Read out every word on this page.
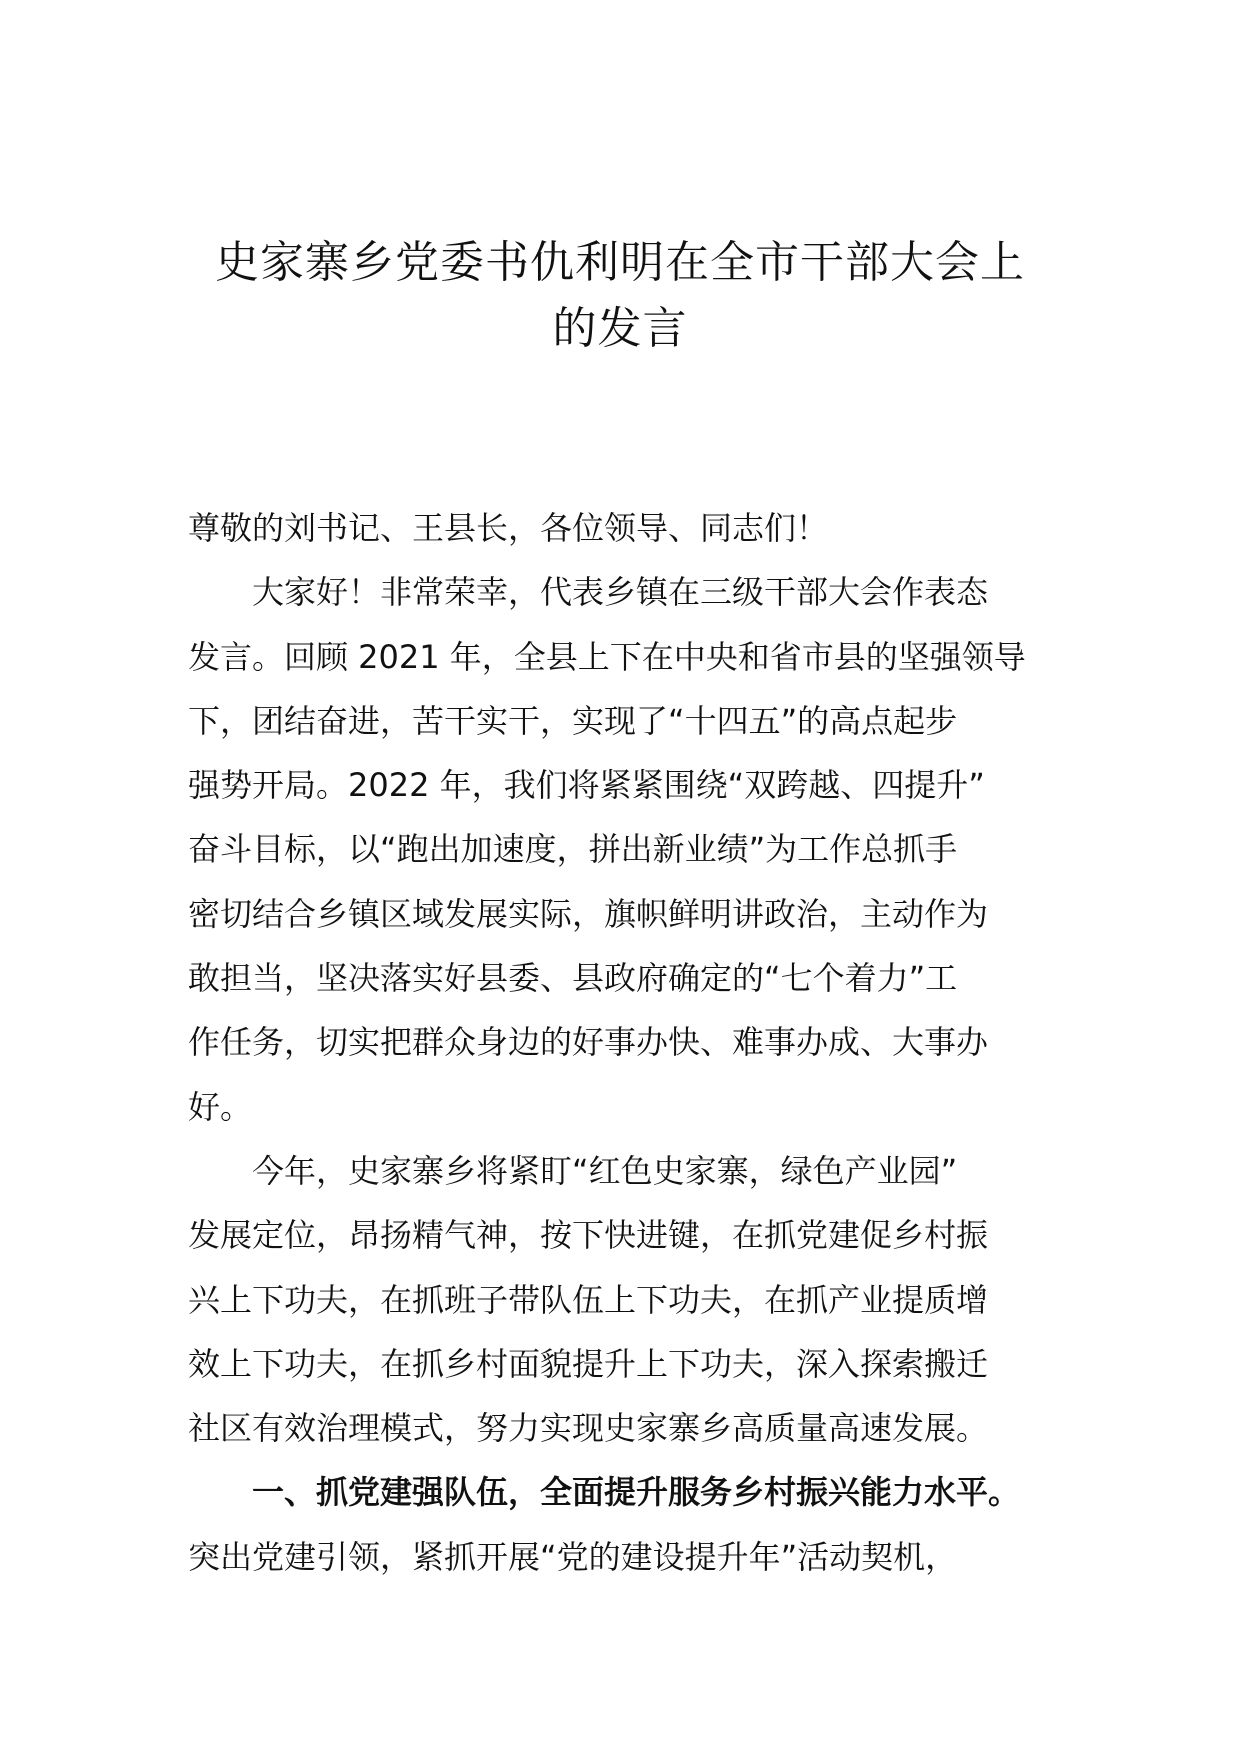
史家寨乡党委书仇利明在全市干部大会上
的发言
尊敬的刘书记、王县长，各位领导、同志们！
大家好！非常荣幸，代表乡镇在三级干部大会作表态
发言。回顾 2021 年，全县上下在中央和省市县的坚强领导
下，团结奋进，苦干实干，实现了“十四五”的高点起步
强势开局。2022 年，我们将紧紧围绕“双跨越、四提升”
奋斗目标，以“跑出加速度，拼出新业绩”为工作总抓手
密切结合乡镇区域发展实际，旗帜鲜明讲政治，主动作为
敢担当，坚决落实好县委、县政府确定的“七个着力”工
作任务，切实把群众身边的好事办快、难事办成、大事办
好。
今年，史家寨乡将紧盯“红色史家寨，绿色产业园”
发展定位，昂扬精气神，按下快进键，在抓党建促乡村振
兴上下功夫，在抓班子带队伍上下功夫，在抓产业提质增
效上下功夫，在抓乡村面貌提升上下功夫，深入探索搬迁
社区有效治理模式，努力实现史家寨乡高质量高速发展。
一、抓党建强队伍，全面提升服务乡村振兴能力水平。
突出党建引领，紧抓开展“党的建设提升年”活动契机，
